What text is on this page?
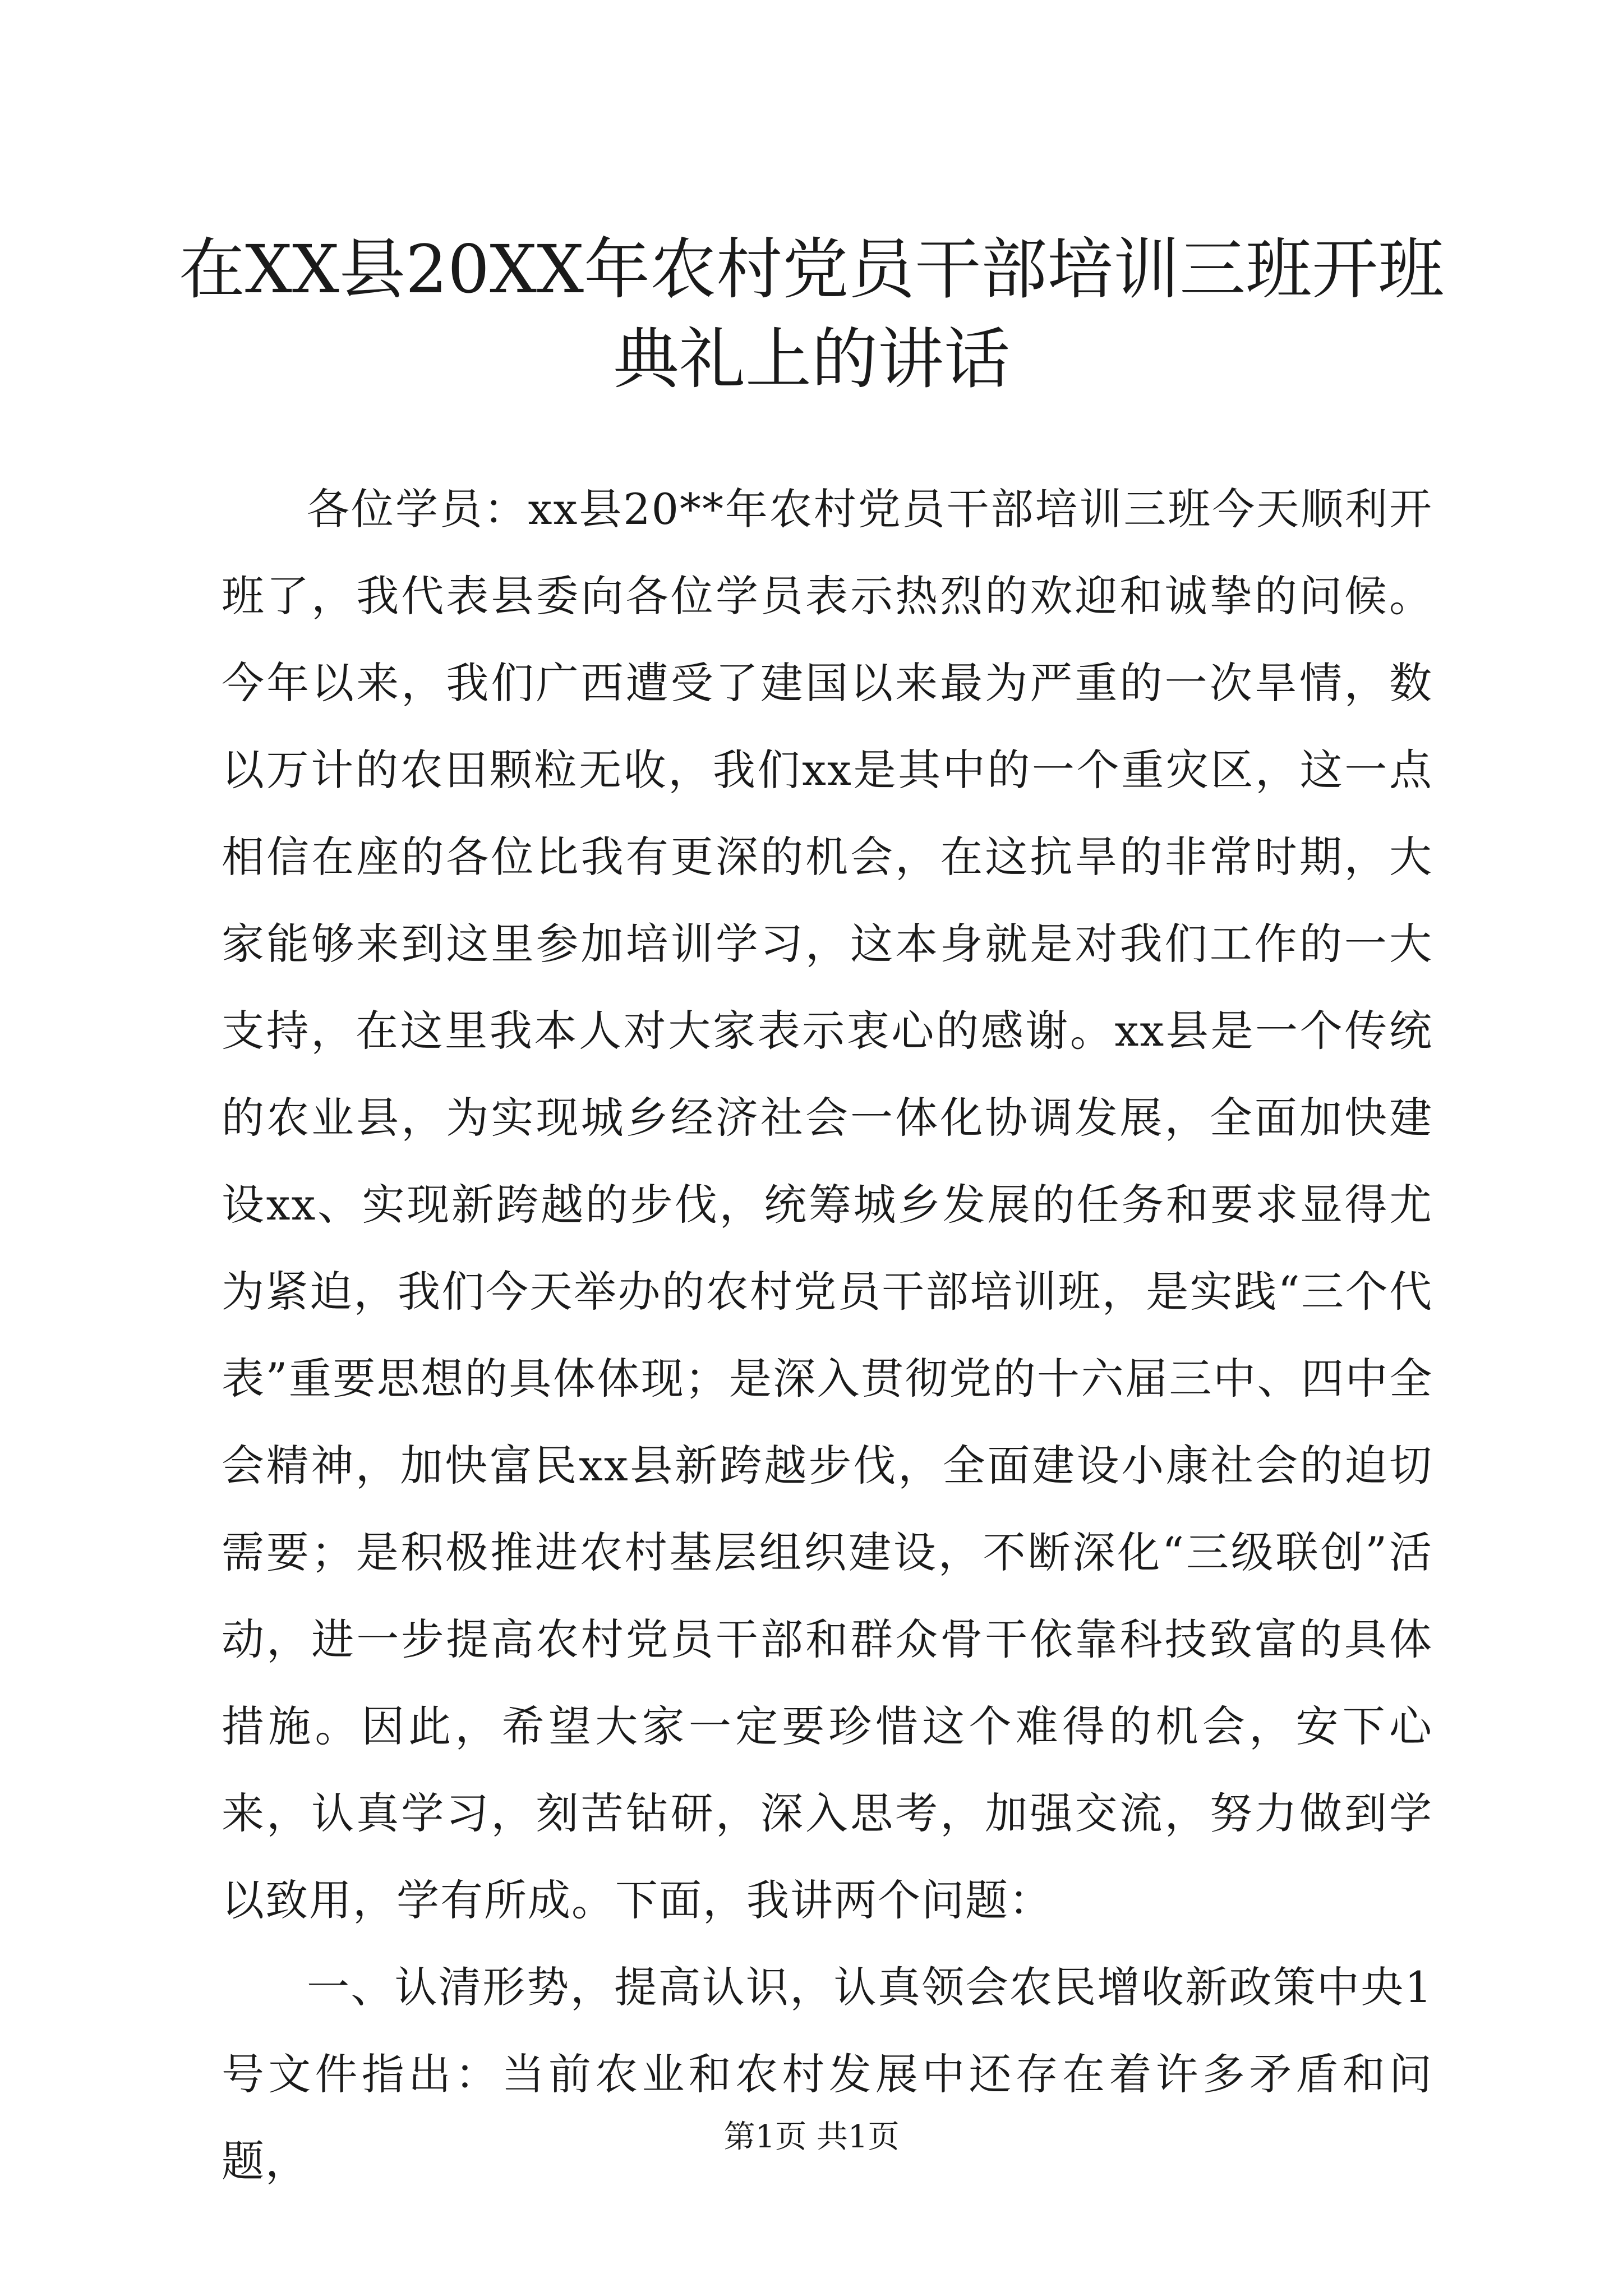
在XX县20XX年农村党员干部培训三班开班典礼上的讲话

各位学员：xx县20**年农村党员干部培训三班今天顺利开班了，我代表县委向各位学员表示热烈的欢迎和诚挚的问候。今年以来，我们广西遭受了建国以来最为严重的一次旱情，数以万计的农田颗粒无收，我们xx是其中的一个重灾区，这一点相信在座的各位比我有更深的机会，在这抗旱的非常时期，大家能够来到这里参加培训学习，这本身就是对我们工作的一大支持，在这里我本人对大家表示衷心的感谢。xx县是一个传统的农业县，为实现城乡经济社会一体化协调发展，全面加快建设xx、实现新跨越的步伐，统筹城乡发展的任务和要求显得尤为紧迫，我们今天举办的农村党员干部培训班，是实践“三个代表”重要思想的具体体现；是深入贯彻党的十六届三中、四中全会精神，加快富民xx县新跨越步伐，全面建设小康社会的迫切需要；是积极推进农村基层组织建设，不断深化“三级联创”活动，进一步提高农村党员干部和群众骨干依靠科技致富的具体措施。因此，希望大家一定要珍惜这个难得的机会，安下心来，认真学习，刻苦钻研，深入思考，加强交流，努力做到学以致用，学有所成。下面，我讲两个问题：

一、认清形势，提高认识，认真领会农民增收新政策中央1号文件指出：当前农业和农村发展中还存在着许多矛盾和问题，	第1页 共1页
